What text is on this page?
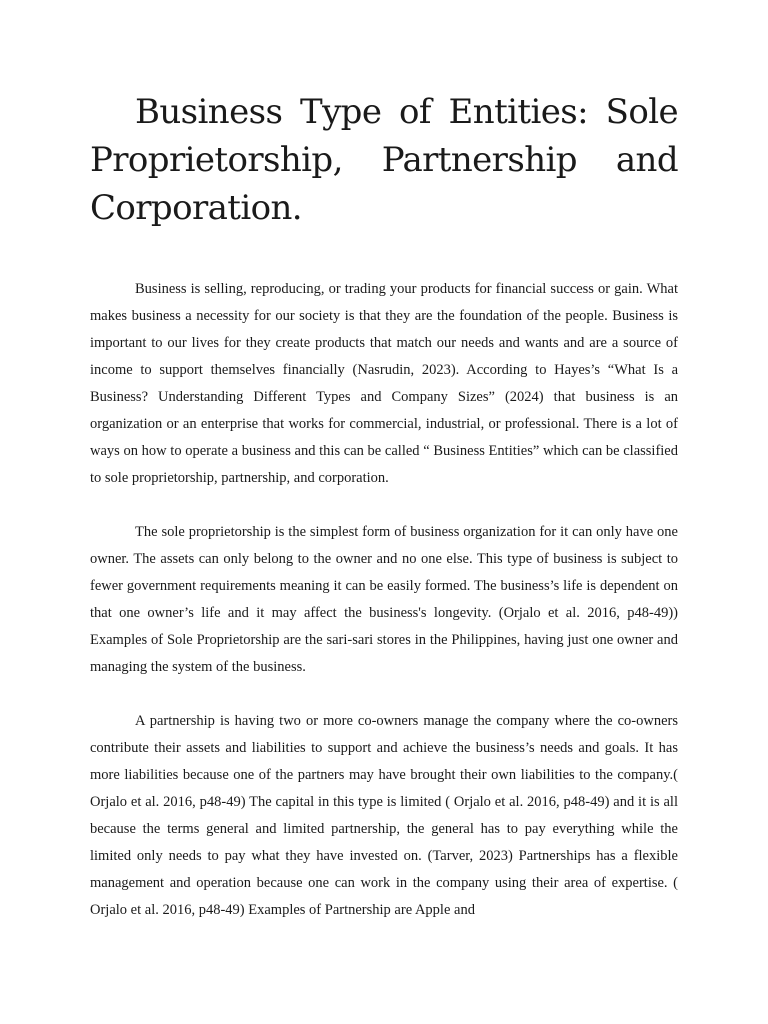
Business Type of Entities: Sole Proprietorship, Partnership and Corporation.

Business is selling, reproducing, or trading your products for financial success or gain. What makes business a necessity for our society is that they are the foundation of the people. Business is important to our lives for they create products that match our needs and wants and are a source of income to support themselves financially (Nasrudin, 2023). According to Hayes’s “What Is a Business? Understanding Different Types and Company Sizes” (2024) that business is an organization or an enterprise that works for commercial, industrial, or professional. There is a lot of ways on how to operate a business and this can be called “ Business Entities” which can be classified to sole proprietorship, partnership, and corporation.

The sole proprietorship is the simplest form of business organization for it can only have one owner. The assets can only belong to the owner and no one else. This type of business is subject to fewer government requirements meaning it can be easily formed. The business’s life is dependent on that one owner’s life and it may affect the business's longevity. (Orjalo et al. 2016, p48-49)) Examples of Sole Proprietorship are the sari-sari stores in the Philippines, having just one owner and managing the system of the business.

A partnership is having two or more co-owners manage the company where the co-owners contribute their assets and liabilities to support and achieve the business’s needs and goals. It has more liabilities because one of the partners may have brought their own liabilities to the company.( Orjalo et al. 2016, p48-49) The capital in this type is limited ( Orjalo et al. 2016, p48-49) and it is all because the terms general and limited partnership, the general has to pay everything while the limited only needs to pay what they have invested on. (Tarver, 2023) Partnerships has a flexible management and operation because one can work in the company using their area of expertise. ( Orjalo et al. 2016, p48-49) Examples of Partnership are Apple and
